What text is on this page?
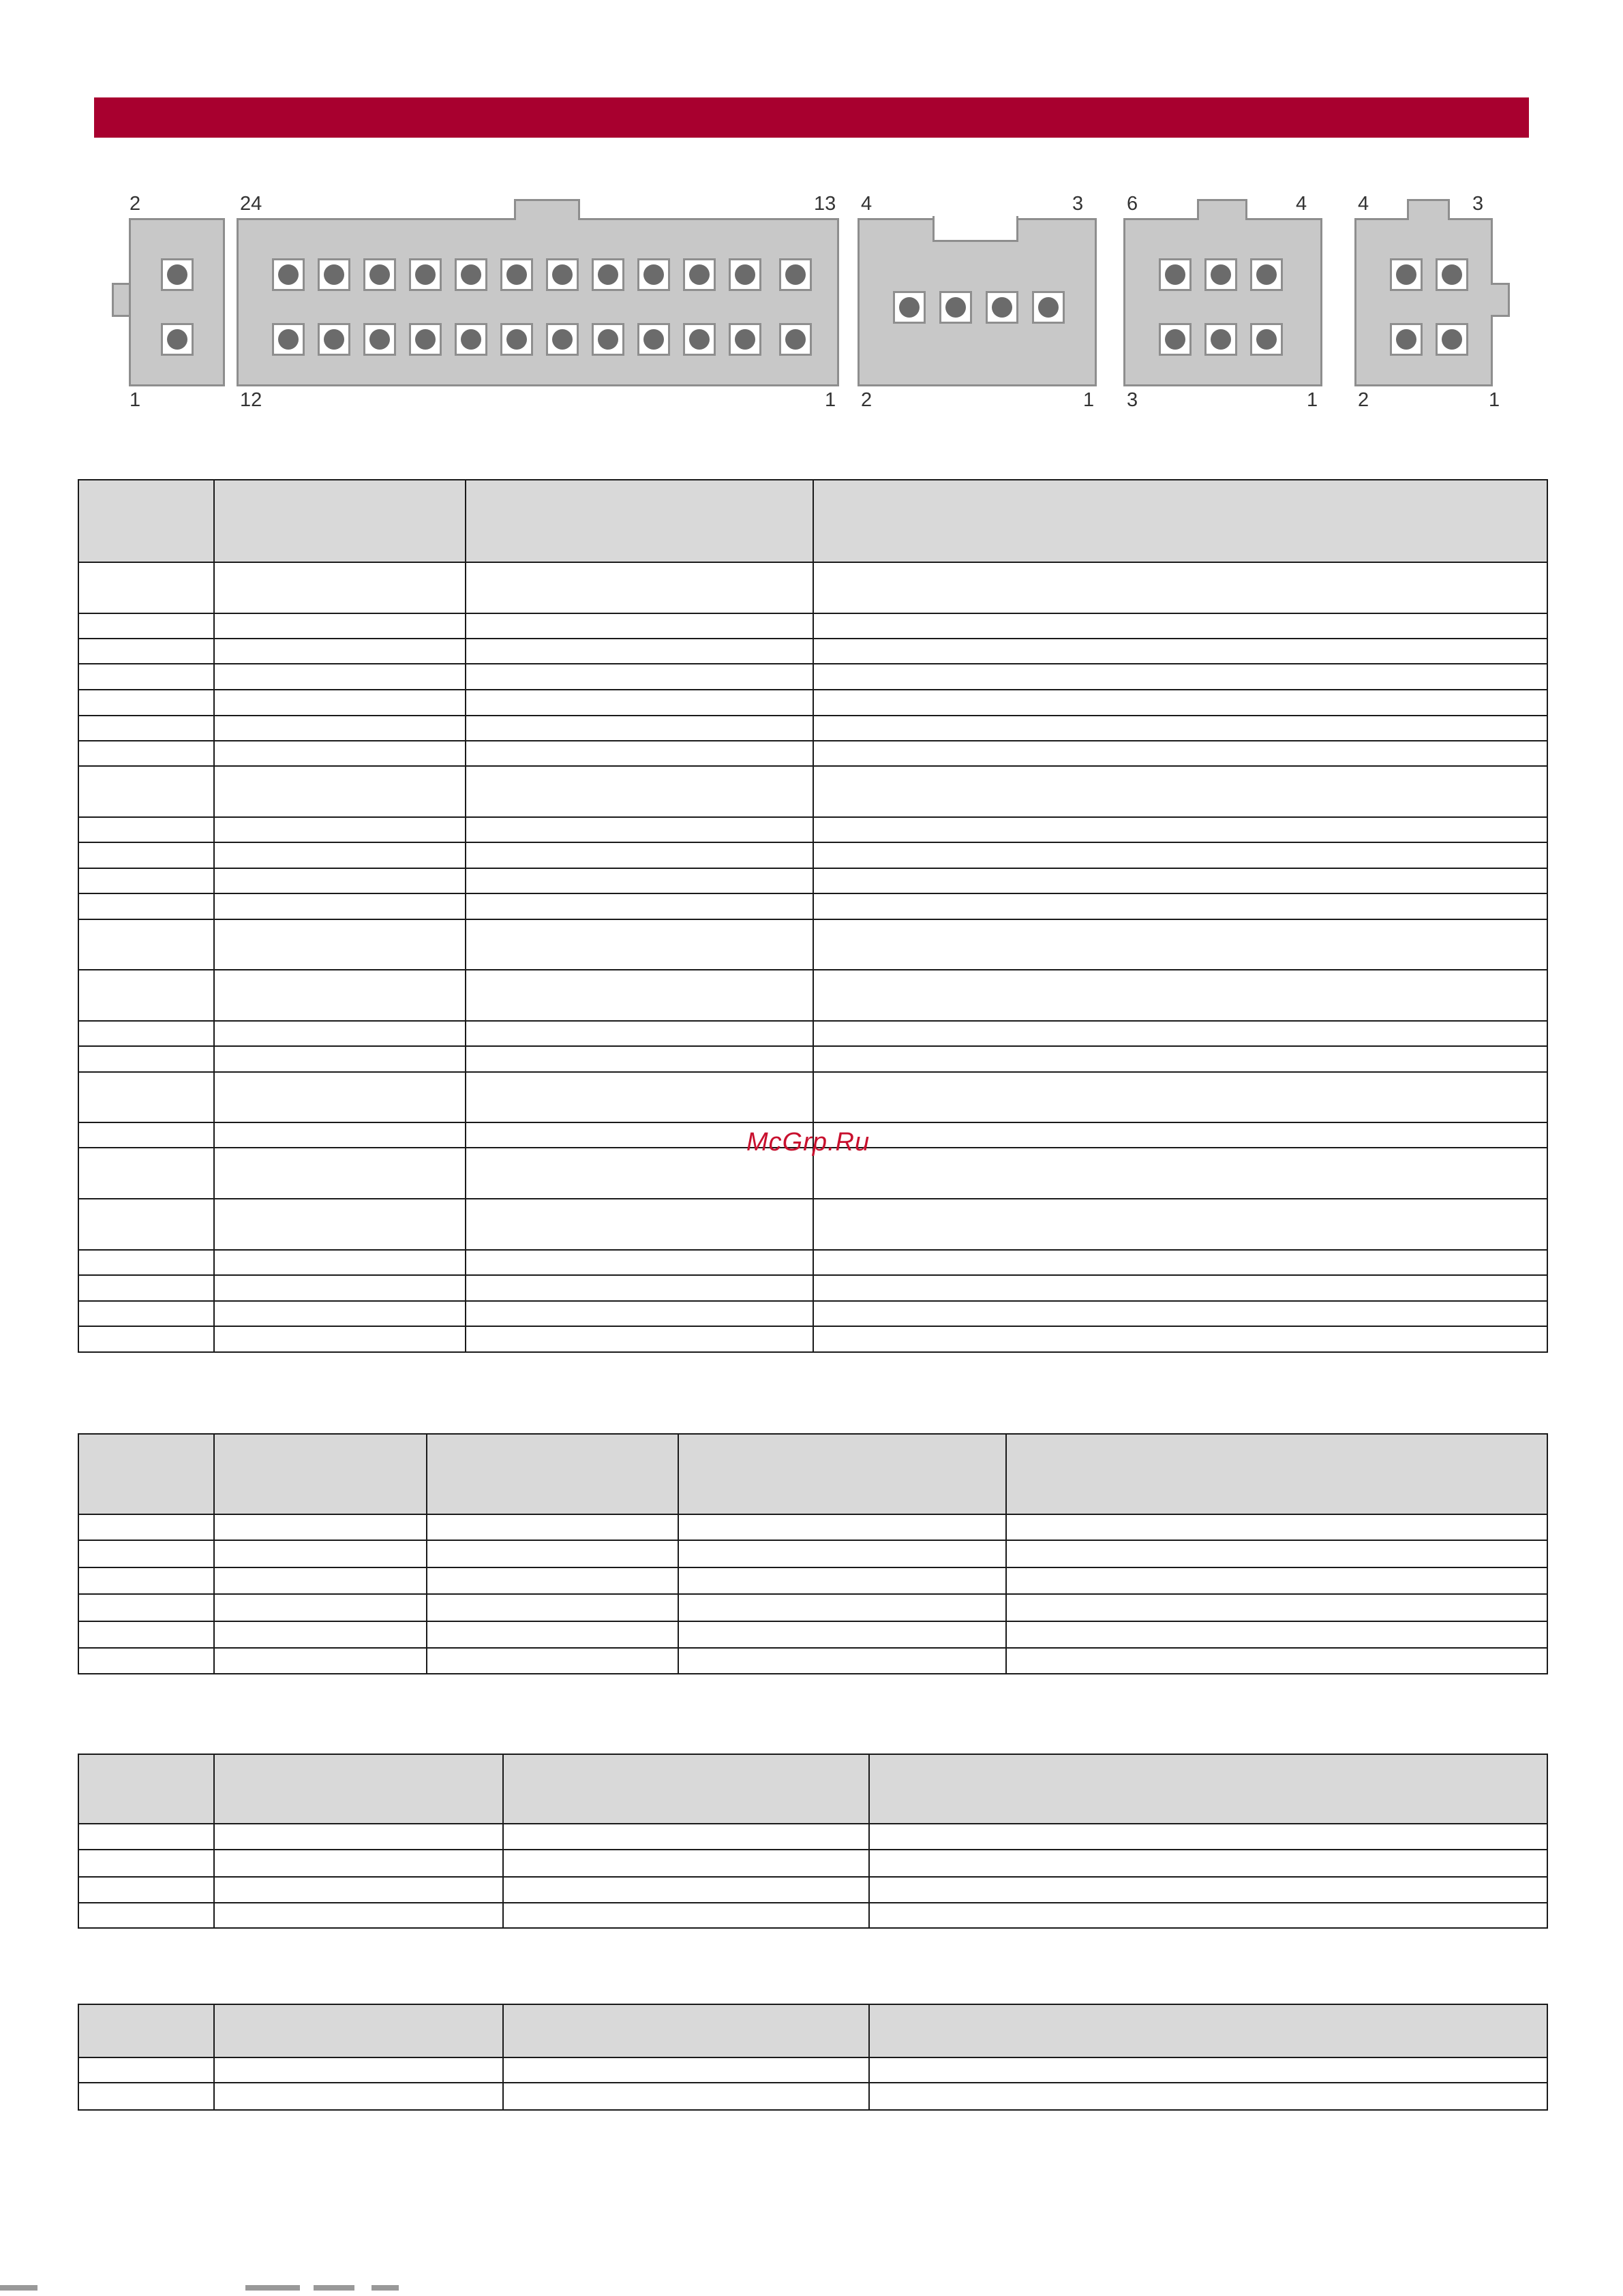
2
1
24	13
12	1
4	3
2	1
6	4
3	1
4	3
2	1

McGrp.Ru
